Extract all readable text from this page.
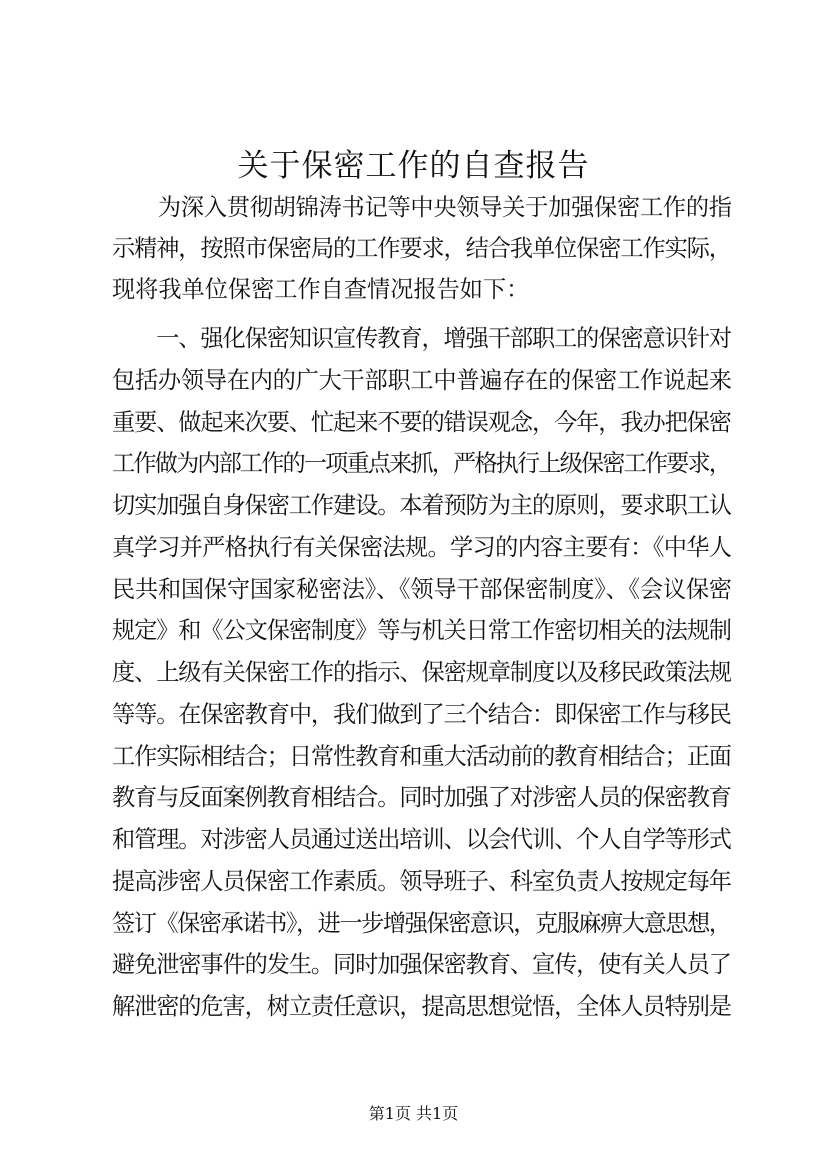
关于保密工作的自查报告
　　为深入贯彻胡锦涛书记等中央领导关于加强保密工作的指
示精神，按照市保密局的工作要求，结合我单位保密工作实际，
现将我单位保密工作自查情况报告如下：
　　一、强化保密知识宣传教育，增强干部职工的保密意识针对
包括办领导在内的广大干部职工中普遍存在的保密工作说起来
重要、做起来次要、忙起来不要的错误观念，今年，我办把保密
工作做为内部工作的一项重点来抓，严格执行上级保密工作要求，
切实加强自身保密工作建设。本着预防为主的原则，要求职工认
真学习并严格执行有关保密法规。学习的内容主要有：《中华人
民共和国保守国家秘密法》、《领导干部保密制度》、《会议保密
规定》和《公文保密制度》等与机关日常工作密切相关的法规制
度、上级有关保密工作的指示、保密规章制度以及移民政策法规
等等。在保密教育中，我们做到了三个结合：即保密工作与移民
工作实际相结合；日常性教育和重大活动前的教育相结合；正面
教育与反面案例教育相结合。同时加强了对涉密人员的保密教育
和管理。对涉密人员通过送出培训、以会代训、个人自学等形式
提高涉密人员保密工作素质。领导班子、科室负责人按规定每年
签订《保密承诺书》，进一步增强保密意识，克服麻痹大意思想，
避免泄密事件的发生。同时加强保密教育、宣传，使有关人员了
解泄密的危害，树立责任意识，提高思想觉悟，全体人员特别是
第1页 共1页
